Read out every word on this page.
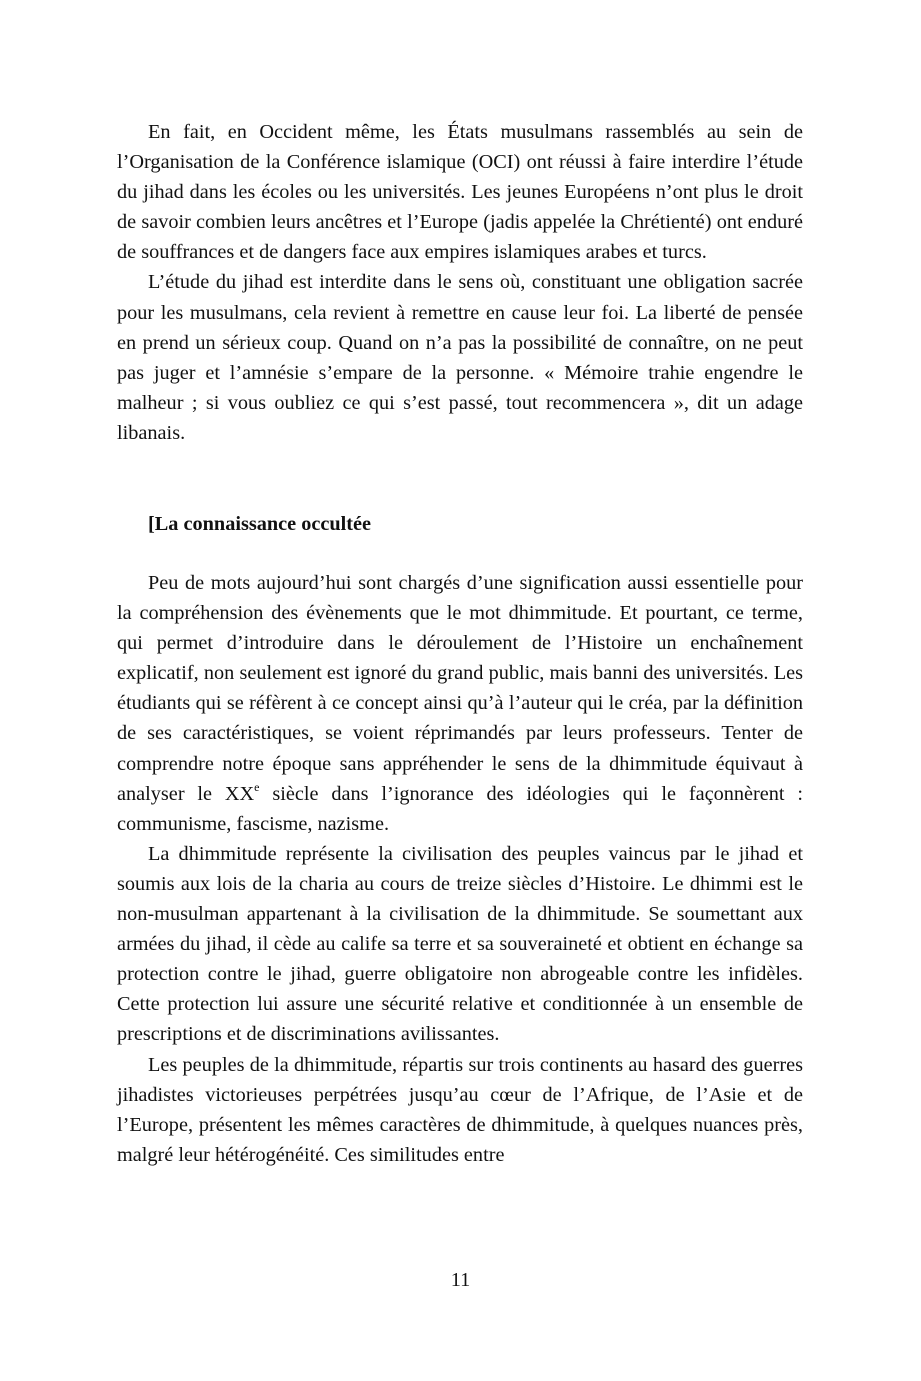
En fait, en Occident même, les États musulmans rassemblés au sein de l’Organisation de la Conférence islamique (OCI) ont réussi à faire interdire l’étude du jihad dans les écoles ou les universités. Les jeunes Européens n’ont plus le droit de savoir combien leurs ancêtres et l’Europe (jadis appelée la Chrétienté) ont enduré de souffrances et de dangers face aux empires islamiques arabes et turcs.

L’étude du jihad est interdite dans le sens où, constituant une obligation sacrée pour les musulmans, cela revient à remettre en cause leur foi. La liberté de pensée en prend un sérieux coup. Quand on n’a pas la possibilité de connaître, on ne peut pas juger et l’amnésie s’empare de la personne. « Mémoire trahie engendre le malheur ; si vous oubliez ce qui s’est passé, tout recommencera », dit un adage libanais.

[La connaissance occultée

Peu de mots aujourd’hui sont chargés d’une signification aussi essentielle pour la compréhension des évènements que le mot dhimmitude. Et pourtant, ce terme, qui permet d’introduire dans le déroulement de l’Histoire un enchaînement explicatif, non seulement est ignoré du grand public, mais banni des universités. Les étudiants qui se réfèrent à ce concept ainsi qu’à l’auteur qui le créa, par la définition de ses caractéristiques, se voient réprimandés par leurs professeurs. Tenter de comprendre notre époque sans appréhender le sens de la dhimmitude équivaut à analyser le XXe siècle dans l’ignorance des idéologies qui le façonnèrent : communisme, fascisme, nazisme.

La dhimmitude représente la civilisation des peuples vaincus par le jihad et soumis aux lois de la charia au cours de treize siècles d’Histoire. Le dhimmi est le non-musulman appartenant à la civilisation de la dhimmitude. Se soumettant aux armées du jihad, il cède au calife sa terre et sa souveraineté et obtient en échange sa protection contre le jihad, guerre obligatoire non abrogeable contre les infidèles. Cette protection lui assure une sécurité relative et conditionnée à un ensemble de prescriptions et de discriminations avilissantes.

Les peuples de la dhimmitude, répartis sur trois continents au hasard des guerres jihadistes victorieuses perpétrées jusqu’au cœur de l’Afrique, de l’Asie et de l’Europe, présentent les mêmes caractères de dhimmitude, à quelques nuances près, malgré leur hétérogénéité. Ces similitudes entre

11
